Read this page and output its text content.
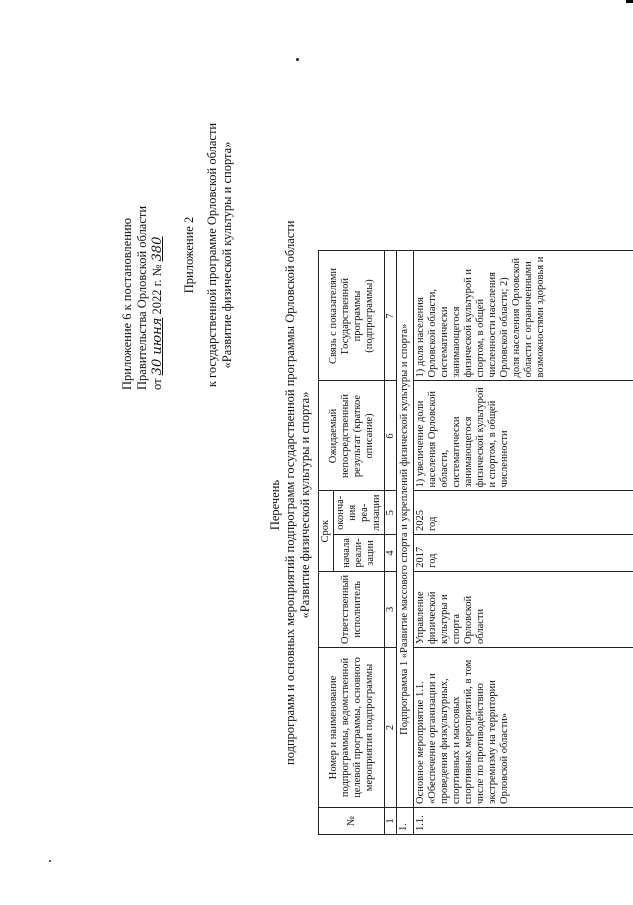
Приложение 6 к постановлению Правительства Орловской области от 30 июня 2022 г. № 380 Приложение 2 к государственной программе Орловской области «Развитие физической культуры и спорта»
Перечень подпрограмм и основных мероприятий подпрограмм государственной программы Орловской области «Развитие физической культуры и спорта»
№	Номер и наименование подпрограммы, ведомственной целевой программы, основного мероприятия подпрограммы	Ответственный исполнитель	Срок		Ожидаемый непосредственный результат (краткое описание)	Связь с показателями Государственной программы (подпрограммы)
			начала реали-зации	оконча-ния реа-лизации		
1	2	3	4	5	6	7
1.	Подпрограмма 1 «Развитие массового спорта и укреплений физической культуры и спорта»					
1.1.	Основное мероприятие 1.1. «Обеспечение организации и проведения физкультурных, спортивных и массовых спортивных мероприятий, в том числе по противодействию экстремизму на территории Орловской области»	Управление физической культуры и спорта Орловской области	2017 год	2025 год	1) увеличение доли населения Орловской области, систематически занимающегося физической культурой и спортом, в общей численности	1) доля населения Орловской области, систематически занимающегося физической культурой и спортом, в общей численности населения Орловской области; 2) доля населения Орловской области с ограниченными возможностями здоровья и
